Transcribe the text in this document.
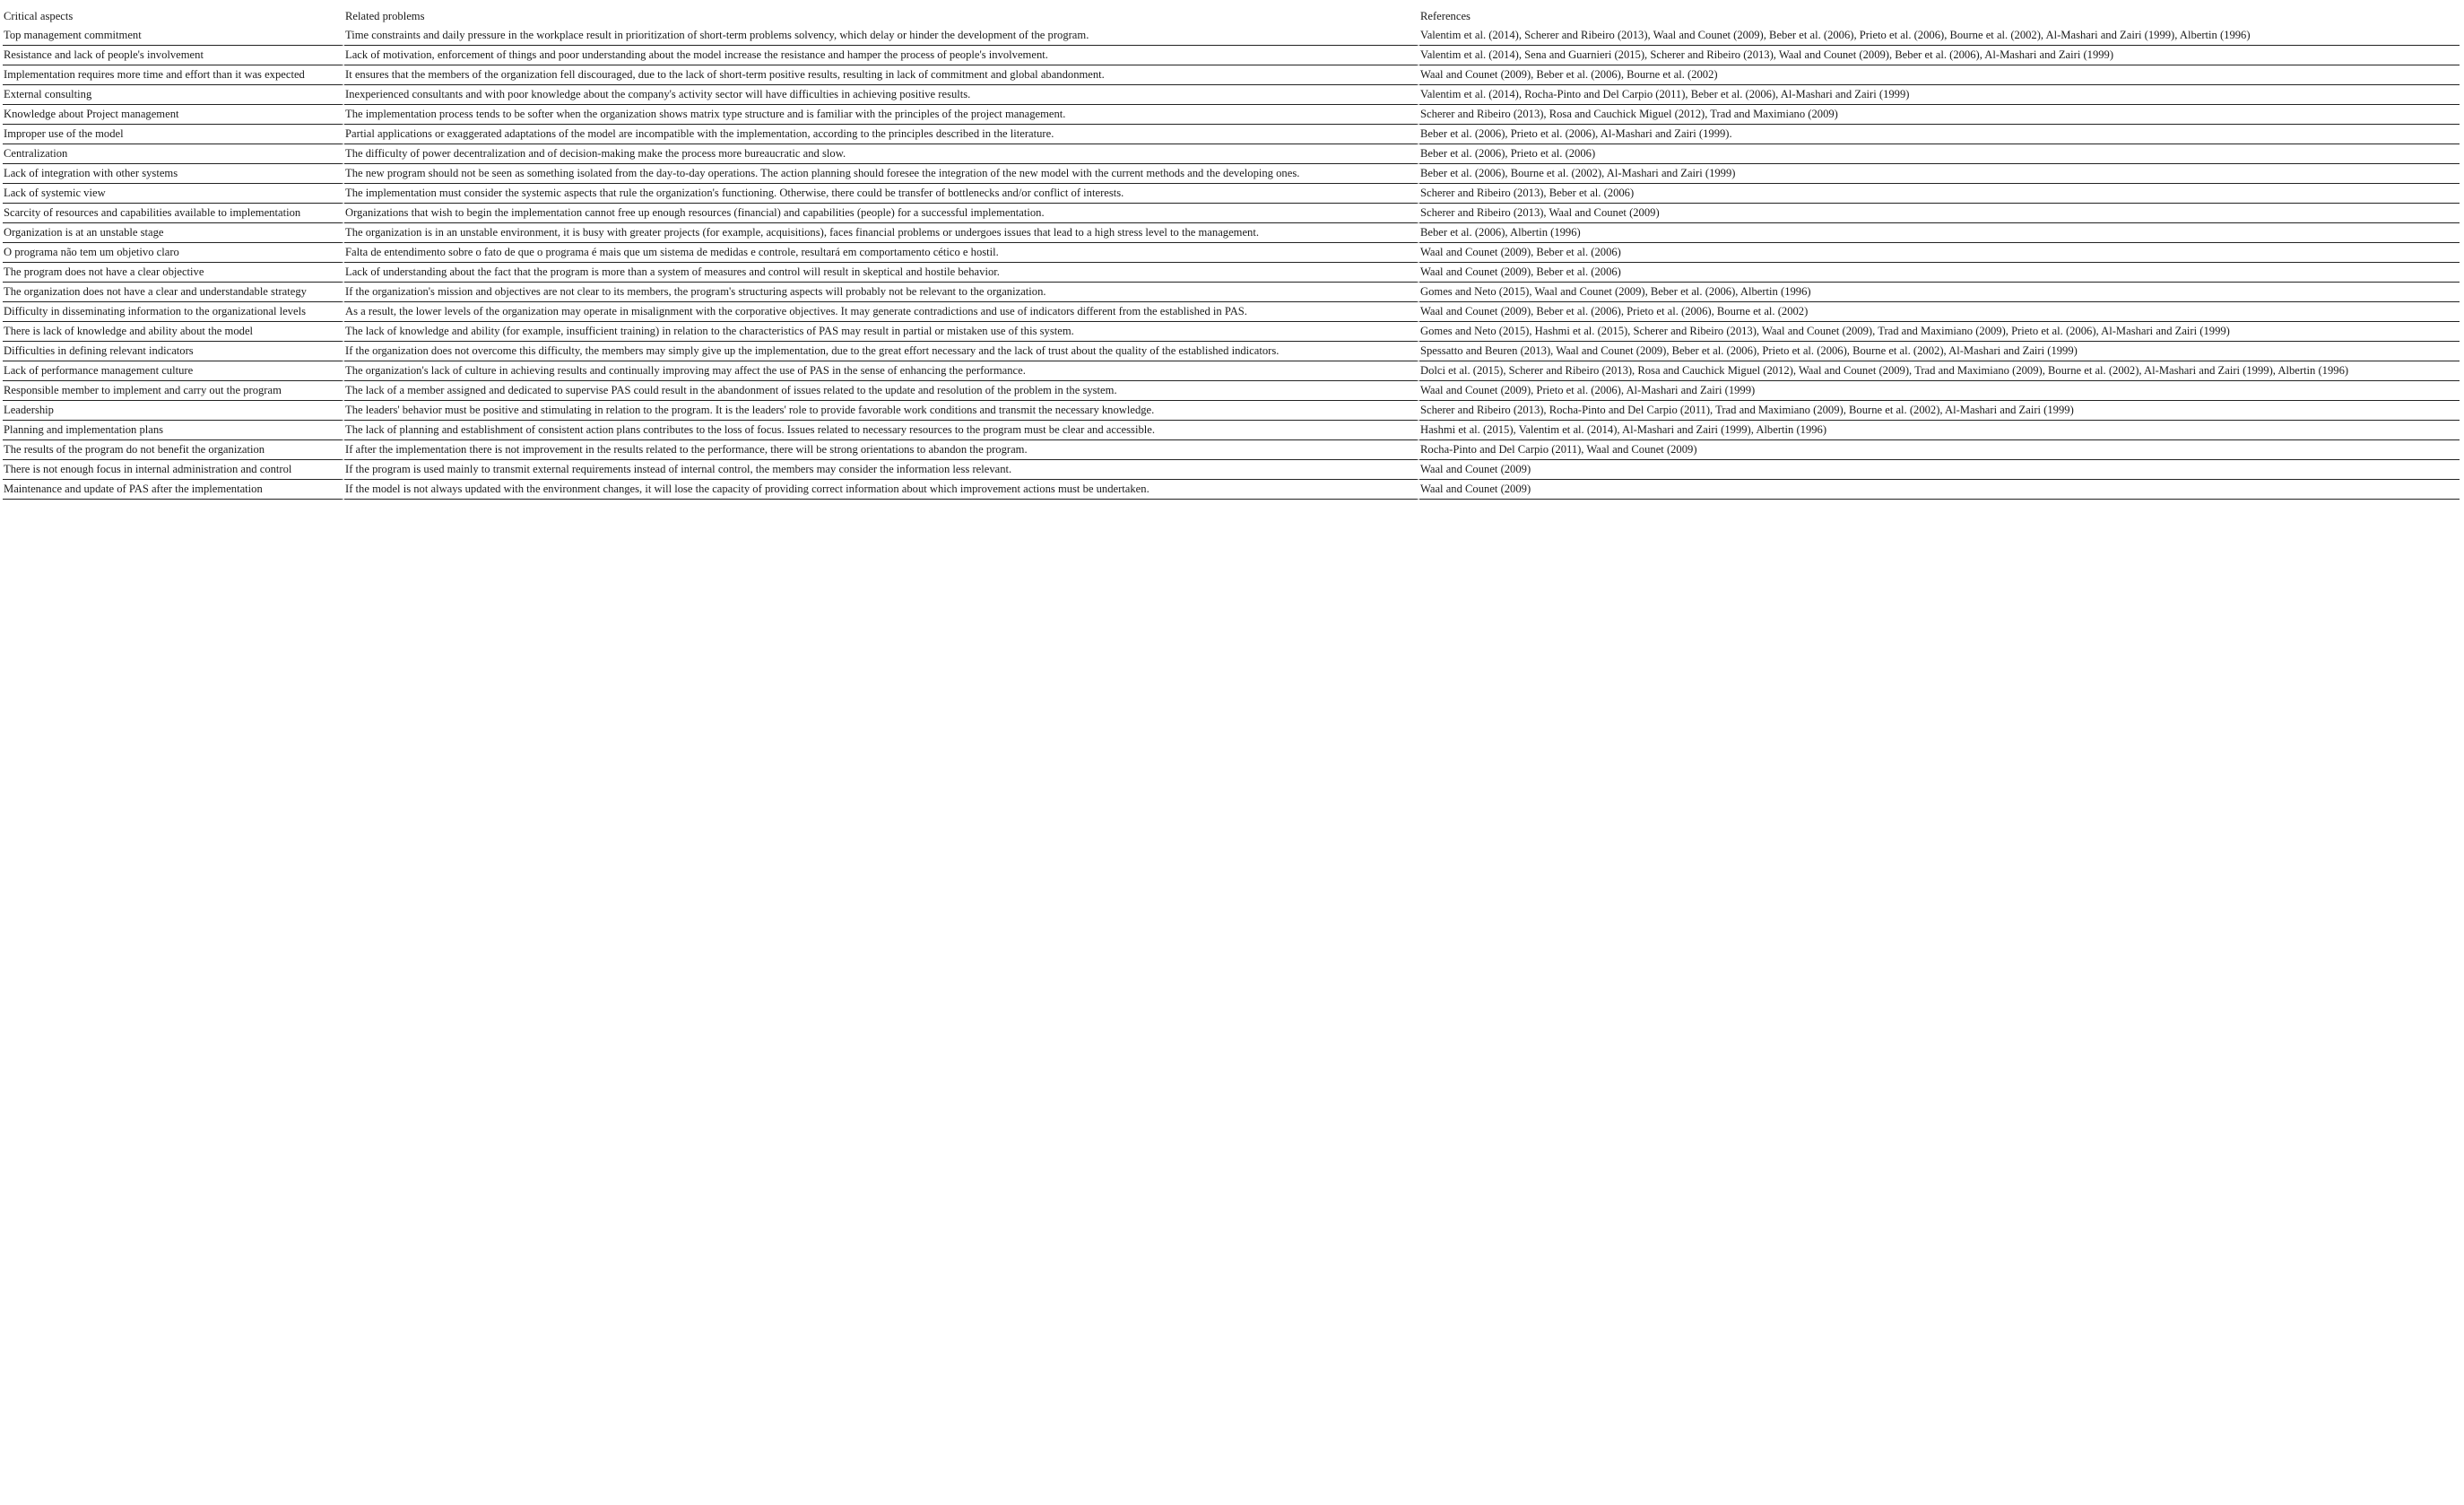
Critical aspects	Related problems	References
Top management commitment	Time constraints and daily pressure in the workplace result in prioritization of short-term problems solvency, which delay or hinder the development of the program.	Valentim et al. (2014), Scherer and Ribeiro (2013), Waal and Counet (2009), Beber et al. (2006), Prieto et al. (2006), Bourne et al. (2002), Al-Mashari and Zairi (1999), Albertin (1996)
Resistance and lack of people's involvement	Lack of motivation, enforcement of things and poor understanding about the model increase the resistance and hamper the process of people's involvement.	Valentim et al. (2014), Sena and Guarnieri (2015), Scherer and Ribeiro (2013), Waal and Counet (2009), Beber et al. (2006), Al-Mashari and Zairi (1999)
Implementation requires more time and effort than it was expected	It ensures that the members of the organization fell discouraged, due to the lack of short-term positive results, resulting in lack of commitment and global abandonment.	Waal and Counet (2009), Beber et al. (2006), Bourne et al. (2002)
External consulting	Inexperienced consultants and with poor knowledge about the company's activity sector will have difficulties in achieving positive results.	Valentim et al. (2014), Rocha-Pinto and Del Carpio (2011), Beber et al. (2006), Al-Mashari and Zairi (1999)
Knowledge about Project management	The implementation process tends to be softer when the organization shows matrix type structure and is familiar with the principles of the project management.	Scherer and Ribeiro (2013), Rosa and Cauchick Miguel (2012), Trad and Maximiano (2009)
Improper use of the model	Partial applications or exaggerated adaptations of the model are incompatible with the implementation, according to the principles described in the literature.	Beber et al. (2006), Prieto et al. (2006), Al-Mashari and Zairi (1999).
Centralization	The difficulty of power decentralization and of decision-making make the process more bureaucratic and slow.	Beber et al. (2006), Prieto et al. (2006)
Lack of integration with other systems	The new program should not be seen as something isolated from the day-to-day operations. The action planning should foresee the integration of the new model with the current methods and the developing ones.	Beber et al. (2006), Bourne et al. (2002), Al-Mashari and Zairi (1999)
Lack of systemic view	The implementation must consider the systemic aspects that rule the organization's functioning. Otherwise, there could be transfer of bottlenecks and/or conflict of interests.	Scherer and Ribeiro (2013), Beber et al. (2006)
Scarcity of resources and capabilities available to implementation	Organizations that wish to begin the implementation cannot free up enough resources (financial) and capabilities (people) for a successful implementation.	Scherer and Ribeiro (2013), Waal and Counet (2009)
Organization is at an unstable stage	The organization is in an unstable environment, it is busy with greater projects (for example, acquisitions), faces financial problems or undergoes issues that lead to a high stress level to the management.	Beber et al. (2006), Albertin (1996)
O programa não tem um objetivo claro	Falta de entendimento sobre o fato de que o programa é mais que um sistema de medidas e controle, resultará em comportamento cético e hostil.	Waal and Counet (2009), Beber et al. (2006)
The program does not have a clear objective	Lack of understanding about the fact that the program is more than a system of measures and control will result in skeptical and hostile behavior.	Waal and Counet (2009), Beber et al. (2006)
The organization does not have a clear and understandable strategy	If the organization's mission and objectives are not clear to its members, the program's structuring aspects will probably not be relevant to the organization.	Gomes and Neto (2015), Waal and Counet (2009), Beber et al. (2006), Albertin (1996)
Difficulty in disseminating information to the organizational levels	As a result, the lower levels of the organization may operate in misalignment with the corporative objectives. It may generate contradictions and use of indicators different from the established in PAS.	Waal and Counet (2009), Beber et al. (2006), Prieto et al. (2006), Bourne et al. (2002)
There is lack of knowledge and ability about the model	The lack of knowledge and ability (for example, insufficient training) in relation to the characteristics of PAS may result in partial or mistaken use of this system.	Gomes and Neto (2015), Hashmi et al. (2015), Scherer and Ribeiro (2013), Waal and Counet (2009), Trad and Maximiano (2009), Prieto et al. (2006), Al-Mashari and Zairi (1999)
Difficulties in defining relevant indicators	If the organization does not overcome this difficulty, the members may simply give up the implementation, due to the great effort necessary and the lack of trust about the quality of the established indicators.	Spessatto and Beuren (2013), Waal and Counet (2009), Beber et al. (2006), Prieto et al. (2006), Bourne et al. (2002), Al-Mashari and Zairi (1999)
Lack of performance management culture	The organization's lack of culture in achieving results and continually improving may affect the use of PAS in the sense of enhancing the performance.	Dolci et al. (2015), Scherer and Ribeiro (2013), Rosa and Cauchick Miguel (2012), Waal and Counet (2009), Trad and Maximiano (2009), Bourne et al. (2002), Al-Mashari and Zairi (1999), Albertin (1996)
Responsible member to implement and carry out the program	The lack of a member assigned and dedicated to supervise PAS could result in the abandonment of issues related to the update and resolution of the problem in the system.	Waal and Counet (2009), Prieto et al. (2006), Al-Mashari and Zairi (1999)
Leadership	The leaders' behavior must be positive and stimulating in relation to the program. It is the leaders' role to provide favorable work conditions and transmit the necessary knowledge.	Scherer and Ribeiro (2013), Rocha-Pinto and Del Carpio (2011), Trad and Maximiano (2009), Bourne et al. (2002), Al-Mashari and Zairi (1999)
Planning and implementation plans	The lack of planning and establishment of consistent action plans contributes to the loss of focus. Issues related to necessary resources to the program must be clear and accessible.	Hashmi et al. (2015), Valentim et al. (2014), Al-Mashari and Zairi (1999), Albertin (1996)
The results of the program do not benefit the organization	If after the implementation there is not improvement in the results related to the performance, there will be strong orientations to abandon the program.	Rocha-Pinto and Del Carpio (2011), Waal and Counet (2009)
There is not enough focus in internal administration and control	If the program is used mainly to transmit external requirements instead of internal control, the members may consider the information less relevant.	Waal and Counet (2009)
Maintenance and update of PAS after the implementation	If the model is not always updated with the environment changes, it will lose the capacity of providing correct information about which improvement actions must be undertaken.	Waal and Counet (2009)
